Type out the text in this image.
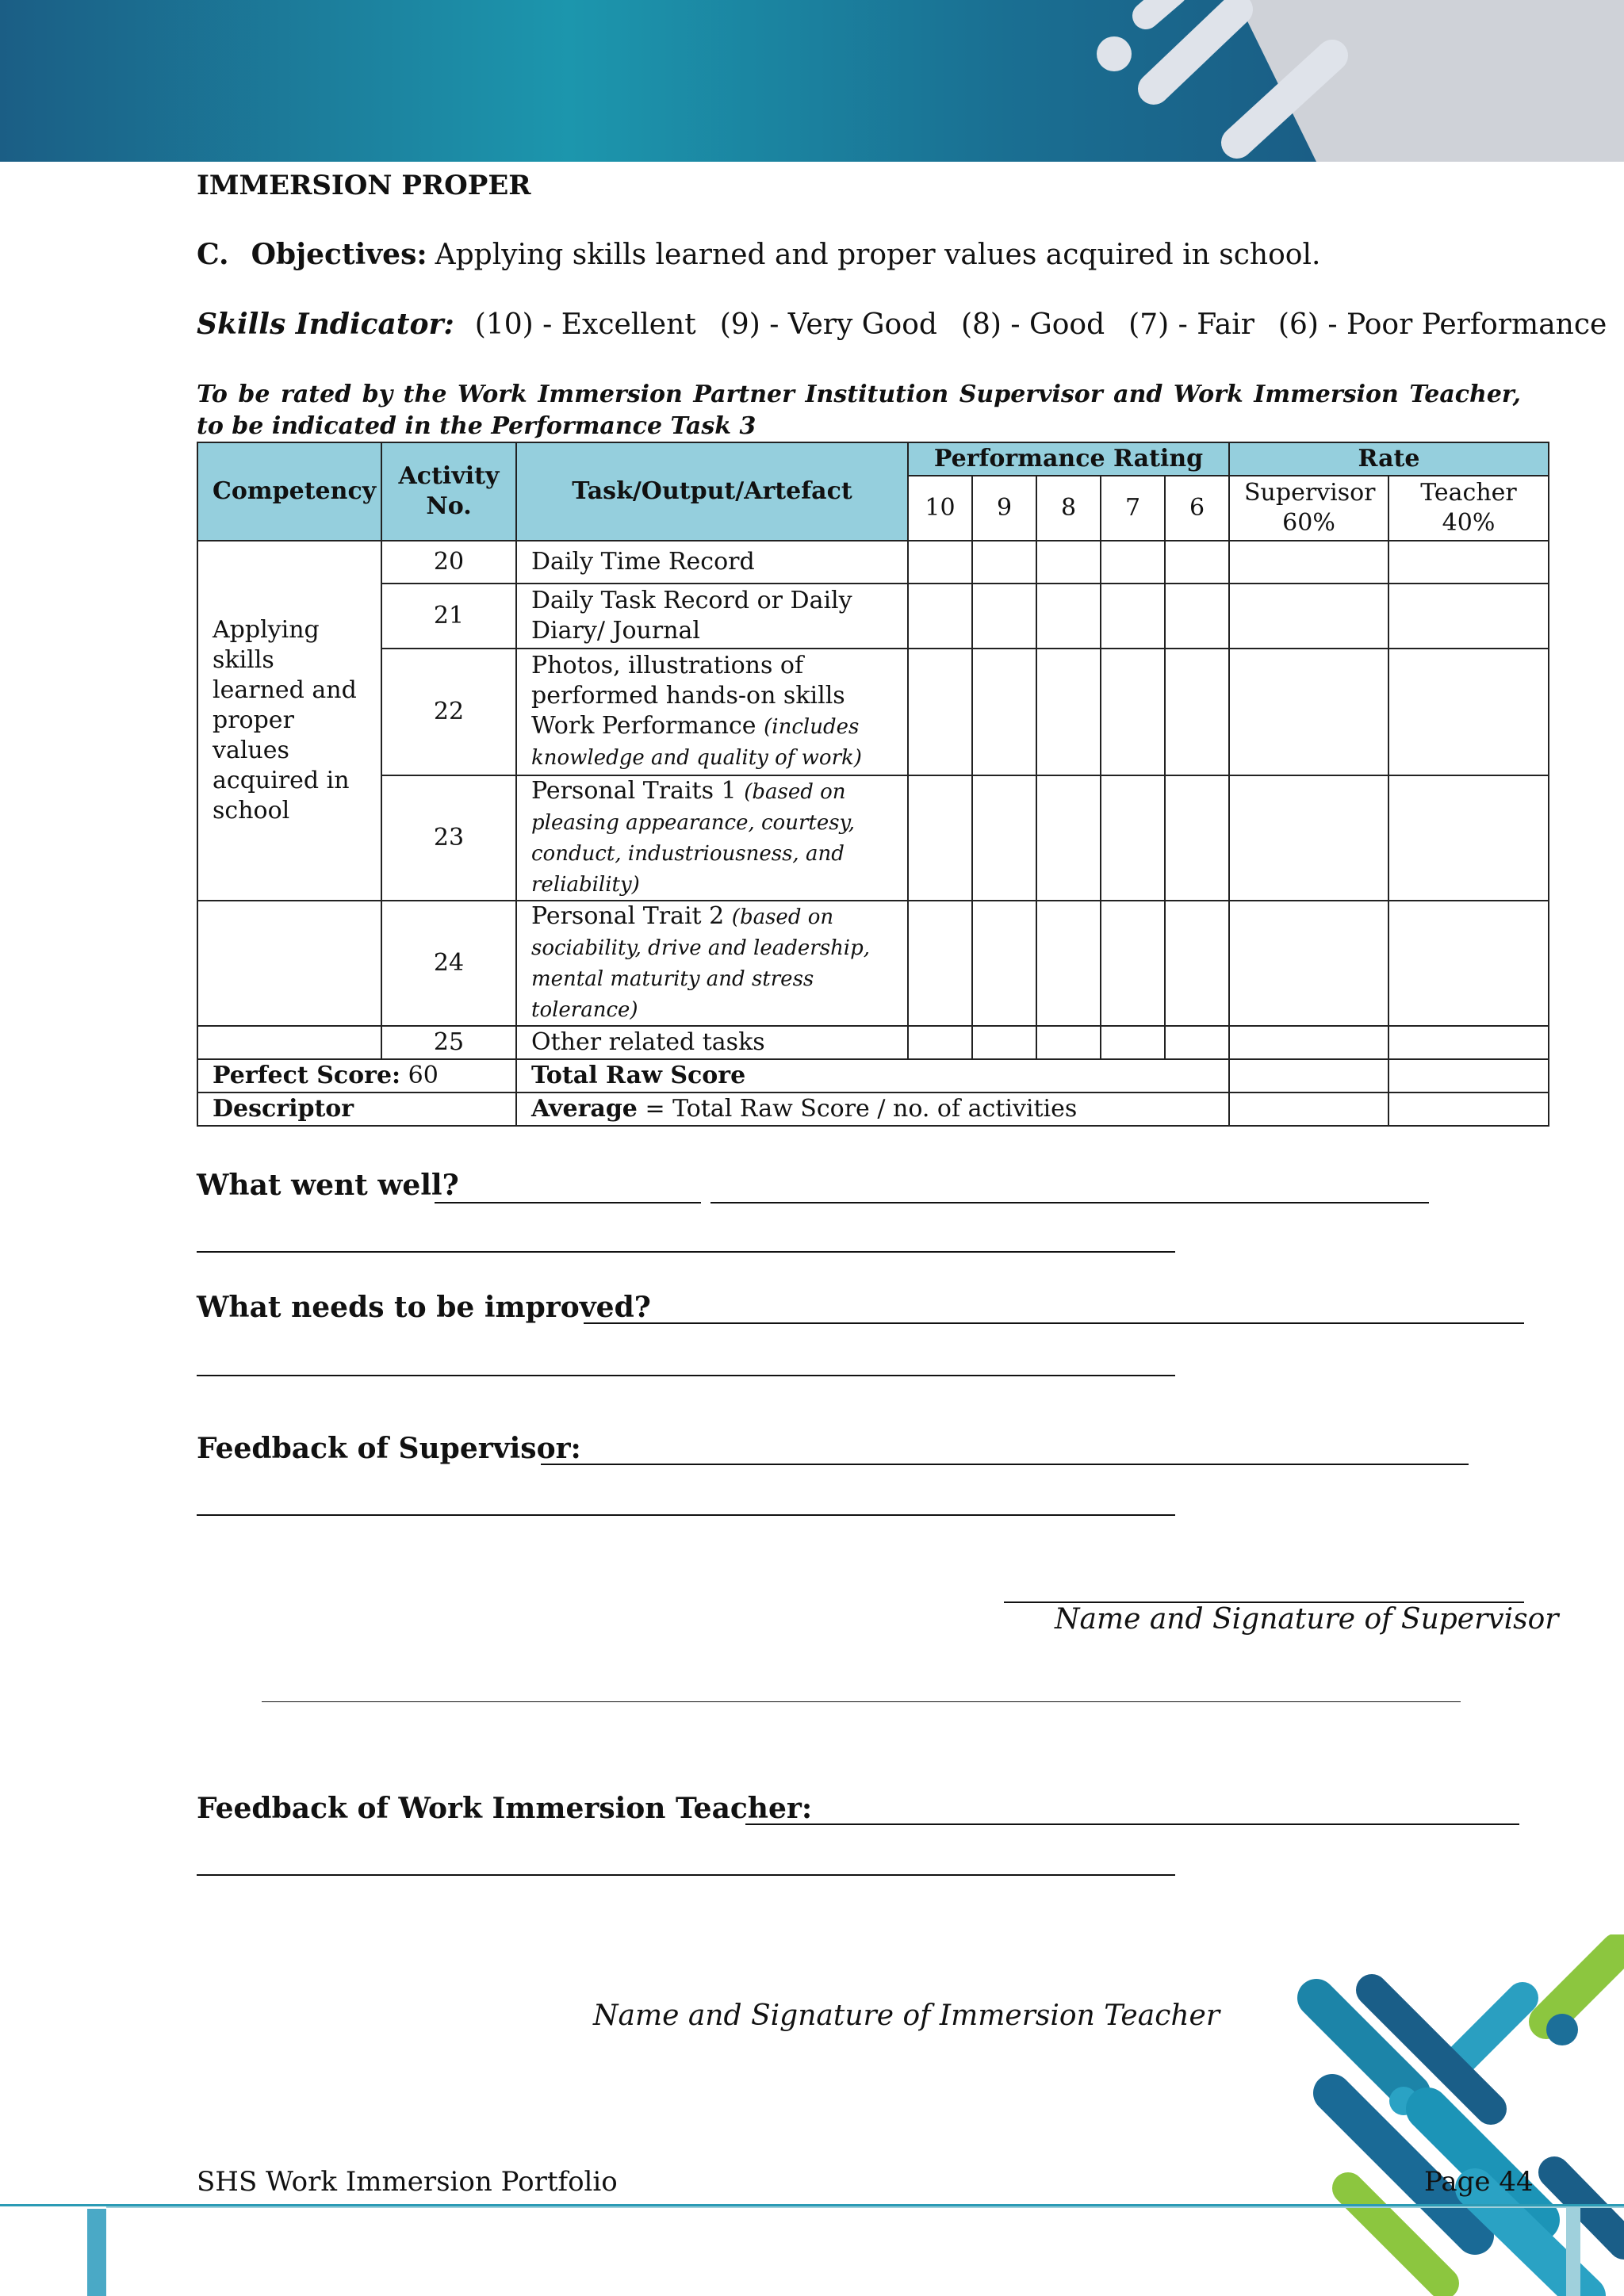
IMMERSION PROPER
C. Objectives: Applying skills learned and proper values acquired in school.
Skills Indicator: (10) - Excellent (9) - Very Good (8) - Good (7) - Fair (6) - Poor Performance
To be rated by the Work Immersion Partner Institution Supervisor and Work Immersion Teacher, to be indicated in the Performance Task 3
Competency	Activity No.	Task/Output/Artefact	Performance Rating					Rate	
			10	9	8	7	6	Supervisor 60%	Teacher 40%
Applying skills learned and proper values acquired in school	20	Daily Time Record							
	21	Daily Task Record or Daily Diary/ Journal							
	22	Photos, illustrations of performed hands-on skills Work Performance (includes knowledge and quality of work)							
	23	Personal Traits 1 (based on pleasing appearance, courtesy, conduct, industriousness, and reliability)							
	24	Personal Trait 2 (based on sociability, drive and leadership, mental maturity and stress tolerance)							
	25	Other related tasks							
Perfect Score: 60		Total Raw Score							
Descriptor		Average = Total Raw Score / no. of activities							
What went well?
What needs to be improved?
Feedback of Supervisor:
Name and Signature of Supervisor
Feedback of Work Immersion Teacher:
Name and Signature of Immersion Teacher
SHS Work Immersion Portfolio	Page 44
